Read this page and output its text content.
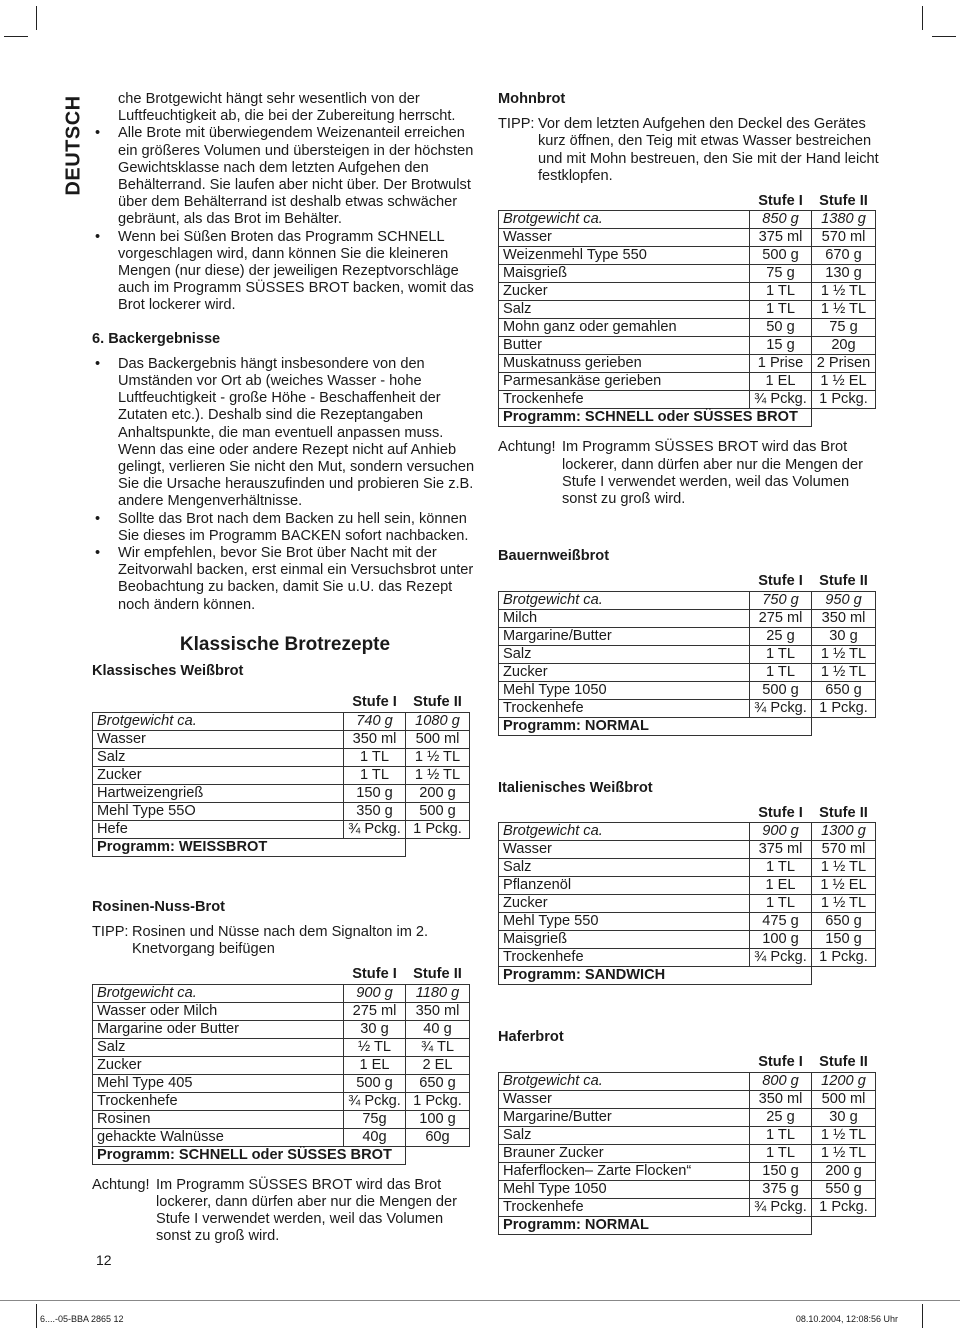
DEUTSCH che Brotgewicht hängt sehr wesentlich von der Luftfeuchtigkeit ab, die bei der Zubereitung herrscht.

• Alle Brote mit überwiegendem Weizenanteil erreichen ein größeres Volumen und übersteigen in der höchsten Gewichtsklasse nach dem letzten Aufgehen den Behälterrand. Sie laufen aber nicht über. Der Brotwulst über dem Behälterrand ist deshalb etwas schwächer gebräunt, als das Brot im Behälter.
• Wenn bei Süßen Broten das Programm SCHNELL vorgeschlagen wird, dann können Sie die kleineren Mengen (nur diese) der jeweiligen Rezeptvorschläge auch im Programm SÜSSES BROT backen, womit das Brot lockerer wird.
6. Backergebnisse
• Das Backergebnis hängt insbesondere von den Umständen vor Ort ab (weiches Wasser - hohe Luftfeuchtigkeit - große Höhe - Beschaffenheit der Zutaten etc.). Deshalb sind die Rezeptangaben Anhaltspunkte, die man eventuell anpassen muss. Wenn das eine oder andere Rezept nicht auf Anhieb gelingt, verlieren Sie nicht den Mut, sondern versuchen Sie die Ursache herauszufinden und probieren Sie z.B. andere Mengenverhältnisse.
• Sollte das Brot nach dem Backen zu hell sein, können Sie dieses im Programm BACKEN sofort nachbacken.
• Wir empfehlen, bevor Sie Brot über Nacht mit der Zeitvorwahl backen, erst einmal ein Versuchsbrot unter Beobachtung zu backen, damit Sie u.U. das Rezept noch ändern können.
Klassische Brotrezepte
Klassisches Weißbrot
	Stufe I	Stufe II
Brotgewicht ca.	740 g	1080 g
Wasser	350 ml	500 ml
Salz	1 TL	1 ½ TL
Zucker	1 TL	1 ½ TL
Hartweizengrieß	150 g	200 g
Mehl Type 55O	350 g	500 g
Hefe	¾ Pckg.	1 Pckg.
Programm: WEISSBROT		
Rosinen-Nuss-Brot
TIPP: Rosinen und Nüsse nach dem Signalton im 2. Knetvorgang beifügen
	Stufe I	Stufe II
Brotgewicht ca.	900 g	1180 g
Wasser oder Milch	275 ml	350 ml
Margarine oder Butter	30 g	40 g
Salz	½ TL	¾ TL
Zucker	1 EL	2 EL
Mehl Type 405	500 g	650 g
Trockenhefe	¾ Pckg.	1 Pckg.
Rosinen	75g	100 g
gehackte Walnüsse	40g	60g
Programm: SCHNELL oder SÜSSES BROT		
Achtung! Im Programm SÜSSES BROT wird das Brot lockerer, dann dürfen aber nur die Mengen der Stufe I verwendet werden, weil das Volumen sonst zu groß wird.
Mohnbrot
TIPP: Vor dem letzten Aufgehen den Deckel des Gerätes kurz öffnen, den Teig mit etwas Wasser bestreichen und mit Mohn bestreuen, den Sie mit der Hand leicht festklopfen.
	Stufe I	Stufe II
Brotgewicht ca.	850 g	1380 g
Wasser	375 ml	570 ml
Weizenmehl Type 550	500 g	670 g
Maisgrieß	75 g	130 g
Zucker	1 TL	1 ½ TL
Salz	1 TL	1 ½ TL
Mohn ganz oder gemahlen	50 g	75 g
Butter	15 g	20g
Muskatnuss gerieben	1 Prise	2 Prisen
Parmesankäse gerieben	1 EL	1 ½ EL
Trockenhefe	¾ Pckg.	1 Pckg.
Programm: SCHNELL oder SÜSSES BROT		
Achtung! Im Programm SÜSSES BROT wird das Brot lockerer, dann dürfen aber nur die Mengen der Stufe I verwendet werden, weil das Volumen sonst zu groß wird.
Bauernweißbrot
	Stufe I	Stufe II
Brotgewicht ca.	750 g	950 g
Milch	275 ml	350 ml
Margarine/Butter	25 g	30 g
Salz	1 TL	1 ½ TL
Zucker	1 TL	1 ½ TL
Mehl Type 1050	500 g	650 g
Trockenhefe	¾ Pckg.	1 Pckg.
Programm: NORMAL		
Italienisches Weißbrot
	Stufe I	Stufe II
Brotgewicht ca.	900 g	1300 g
Wasser	375 ml	570 ml
Salz	1 TL	1 ½ TL
Pflanzenöl	1 EL	1 ½ EL
Zucker	1 TL	1 ½ TL
Mehl Type 550	475 g	650 g
Maisgrieß	100 g	150 g
Trockenhefe	¾ Pckg.	1 Pckg.
Programm: SANDWICH		
Haferbrot
	Stufe I	Stufe II
Brotgewicht ca.	800 g	1200 g
Wasser	350 ml	500 ml
Margarine/Butter	25 g	30 g
Salz	1 TL	1 ½ TL
Brauner Zucker	1 TL	1 ½ TL
Haferflocken– Zarte Flocken“	150 g	200 g
Mehl Type 1050	375 g	550 g
Trockenhefe	¾ Pckg.	1 Pckg.
Programm: NORMAL		
12
6....-05-BBA 2865 12	08.10.2004, 12:08:56 Uhr
